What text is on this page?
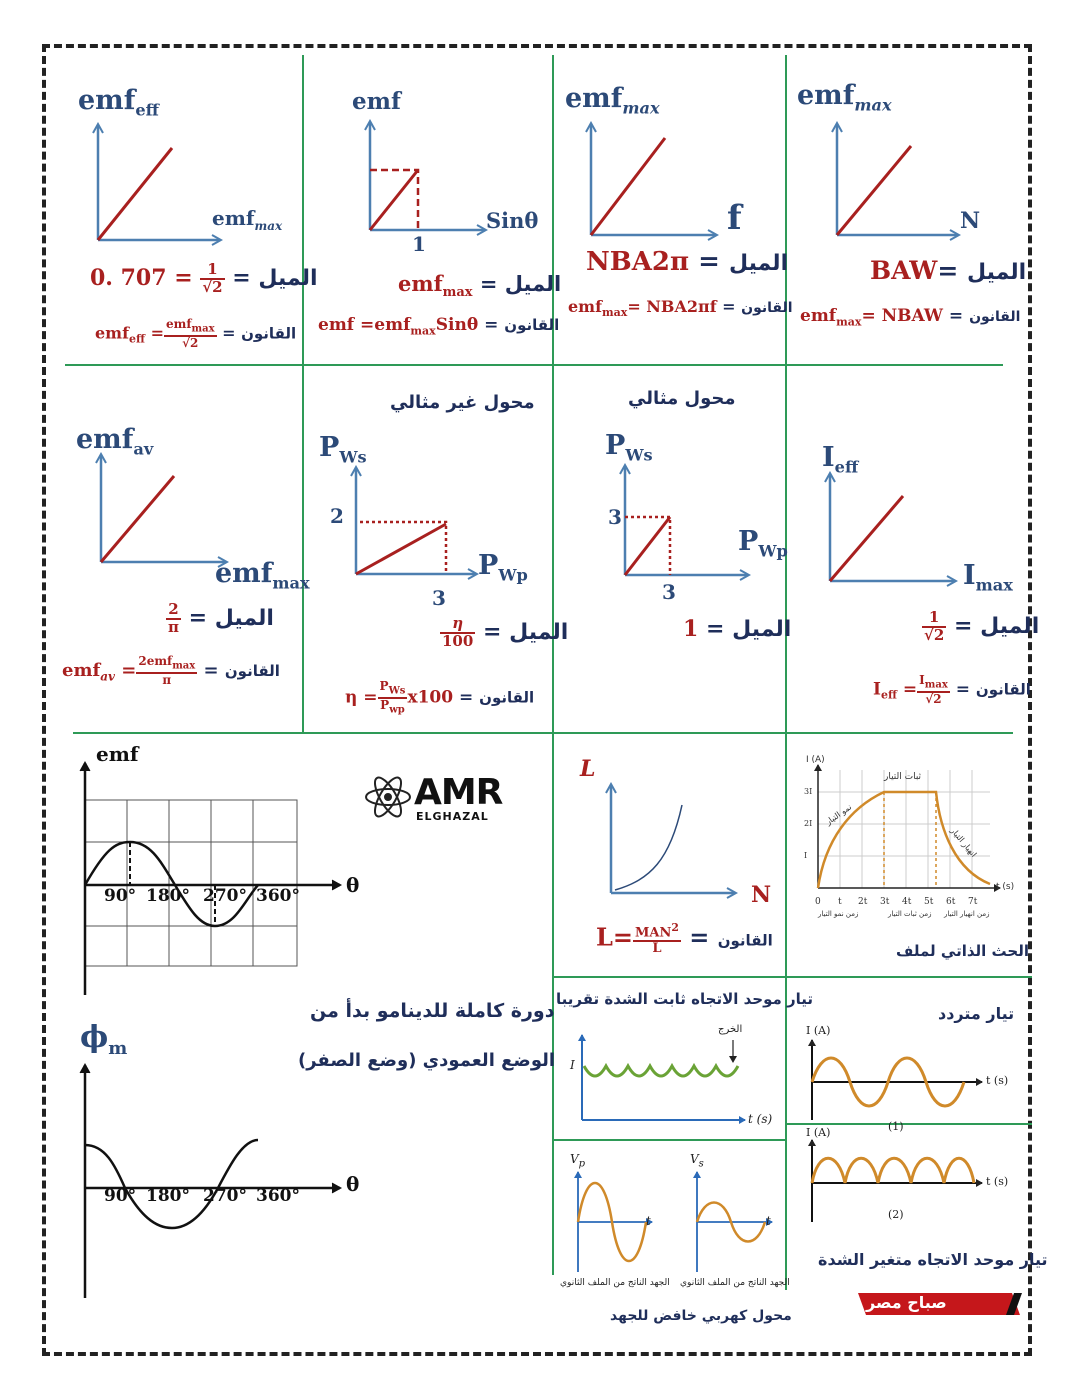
emf$_{eff}$
emf$_{max}$
0. $707 = \frac{1}{√2}$ = الميل
$emf_{eff} = \frac{emf_{max}}{√2}$ = القانون
emf
Sinθ
1
emf$_{max}$ = الميل
emf =emf$_{max}$Sinθ = القانون
emf$_{max}$
f
NBA2π = الميل
emf$_{max}$= NBA2πf = القانون
emf$_{max}$
N
BAW= الميل
emf$_{max}$= NBAW = القانون
emf$_{av}$
emf$_{max}$
$\frac{2}{\pi}$ = الميل
$emf_{av} = \frac{2emf_{max}}{\pi}$ = القانون
محول غير مثالي
$P_{Ws}$
$P_{Wp}$
2
3
$\frac{\eta}{100}$ = الميل
$\eta = \frac{P_{Ws}}{P_{wp}} x100$ = القانون
محول مثالي
$P_{Ws}$
$P_{Wp}$
3
3
1 = الميل
$I_{eff}$
$I_{max}$
$\frac{1}{√2}$ = الميل
$I_{eff} = \frac{I_{max}}{√2}$ = القانون
emf
θ
90° 180° 270° 360°
$\phi_m$
θ
90° 180° 270° 360°
AMR
ELGHAZAL
دورة كاملة للدينامو بدأ من
الوضع العمودي (وضع الصفر)
L
N
$L= \frac{MAN^2}{L}$ = القانون
I (A)
t (s)
ثبات التيار
نمو التيار
انهيار التيار
3I
2I
I
0 t 2t 3t 4t 5t 6t 7t
زمن نمو التيار	زمن ثبات التيار زمن انهيار التيار
الحث الذاتي لملف
تيار موحد الاتجاه ثابت الشدة تقريبا
I
t (s)
الخرج
تيار متردد
I (A)
t (s)
(1)
I (A)
t (s)
(2)
تيار موحد الاتجاه متغير الشدة
$V_p$	$V_s$
t	t
الجهد الناتج من الملف الثانوي الجهد الناتج من الملف الثانوي
محول كهربي خافض للجهد
صباح مصر
